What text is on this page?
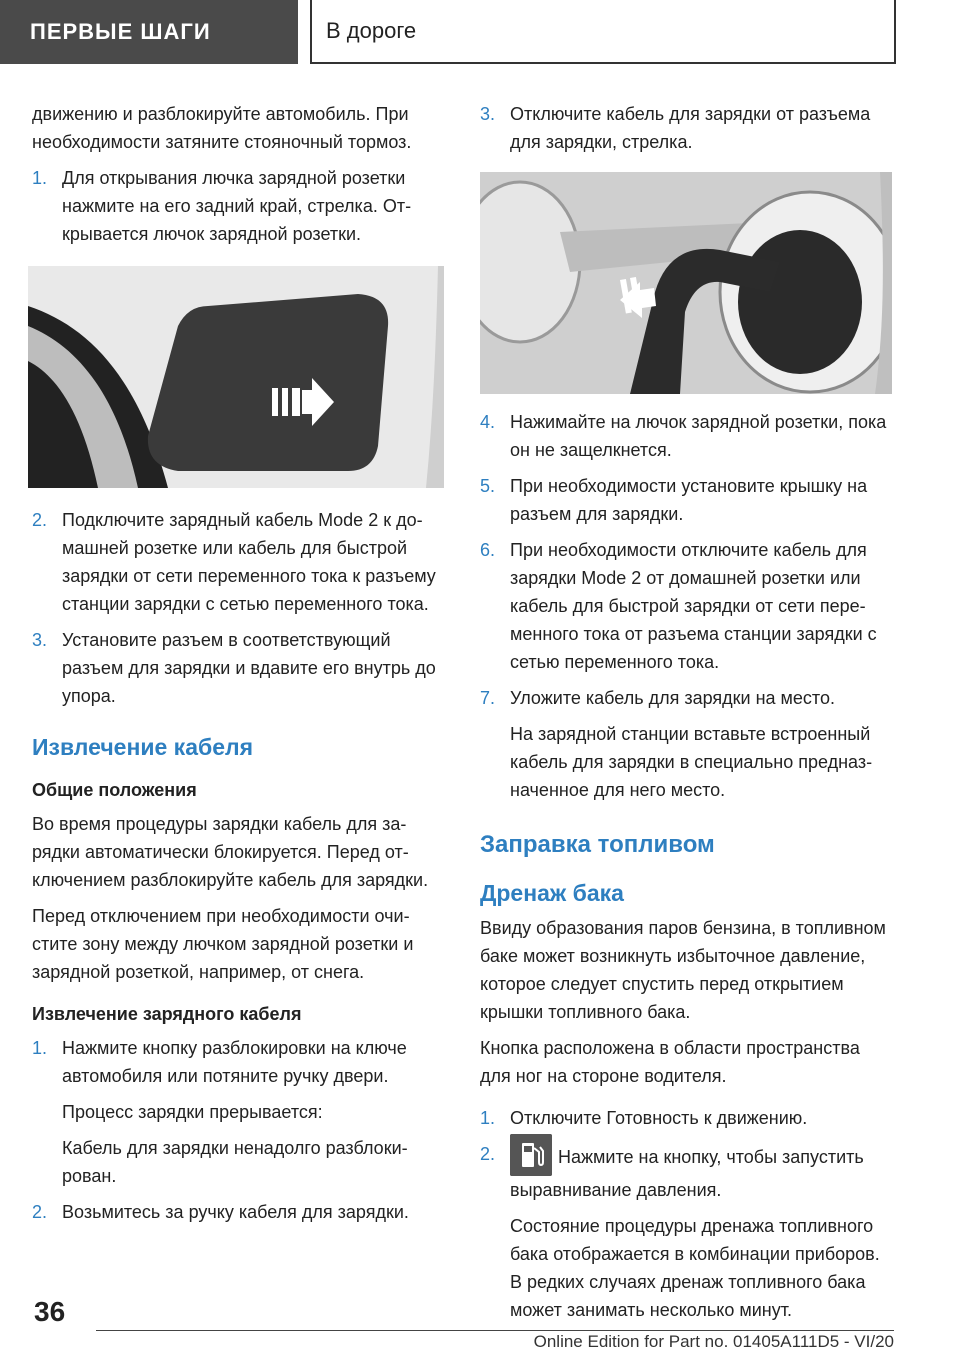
ПЕРВЫЕ ШАГИ	В дороге

движению и разблокируйте автомобиль. При необходимости затяните стояночный тормоз.

1. Для открывания лючка зарядной розетки нажмите на его задний край, стрелка. Открывается лючок зарядной розетки.

2. Подключите зарядный кабель Mode 2 к домашней розетке или кабель для быстрой зарядки от сети переменного тока к разъему станции зарядки с сетью переменного тока.

3. Установите разъем в соответствующий разъем для зарядки и вдавите его внутрь до упора.

Извлечение кабеля
Общие положения

Во время процедуры зарядки кабель для зарядки автоматически блокируется. Перед отключением разблокируйте кабель для зарядки.

Перед отключением при необходимости очистите зону между лючком зарядной розетки и зарядной розеткой, например, от снега.

Извлечение зарядного кабеля
1. Нажмите кнопку разблокировки на ключе автомобиля или потяните ручку двери.

Процесс зарядки прерывается:

Кабель для зарядки ненадолго разблокирован.

2. Возьмитесь за ручку кабеля для зарядки.

3. Отключите кабель для зарядки от разъема для зарядки, стрелка.

4. Нажимайте на лючок зарядной розетки, пока он не защелкнется.

5. При необходимости установите крышку на разъем для зарядки.

6. При необходимости отключите кабель для зарядки Mode 2 от домашней розетки или кабель для быстрой зарядки от сети переменного тока от разъема станции зарядки с сетью переменного тока.

7. Уложите кабель для зарядки на место.

На зарядной станции вставьте встроенный кабель для зарядки в специально предназначенное для него место.

Заправка топливом
Дренаж бака

Ввиду образования паров бензина, в топливном баке может возникнуть избыточное давление, которое следует спустить перед открытием крышки топливного бака.

Кнопка расположена в области пространства для ног на стороне водителя.

1. Отключите Готовность к движению.

2.	Нажмите на кнопку, чтобы запустить выравнивание давления.

Состояние процедуры дренажа топливного бака отображается в комбинации приборов. В редких случаях дренаж топливного бака может занимать несколько минут.

36
Online Edition for Part no. 01405A111D5 - VI/20
